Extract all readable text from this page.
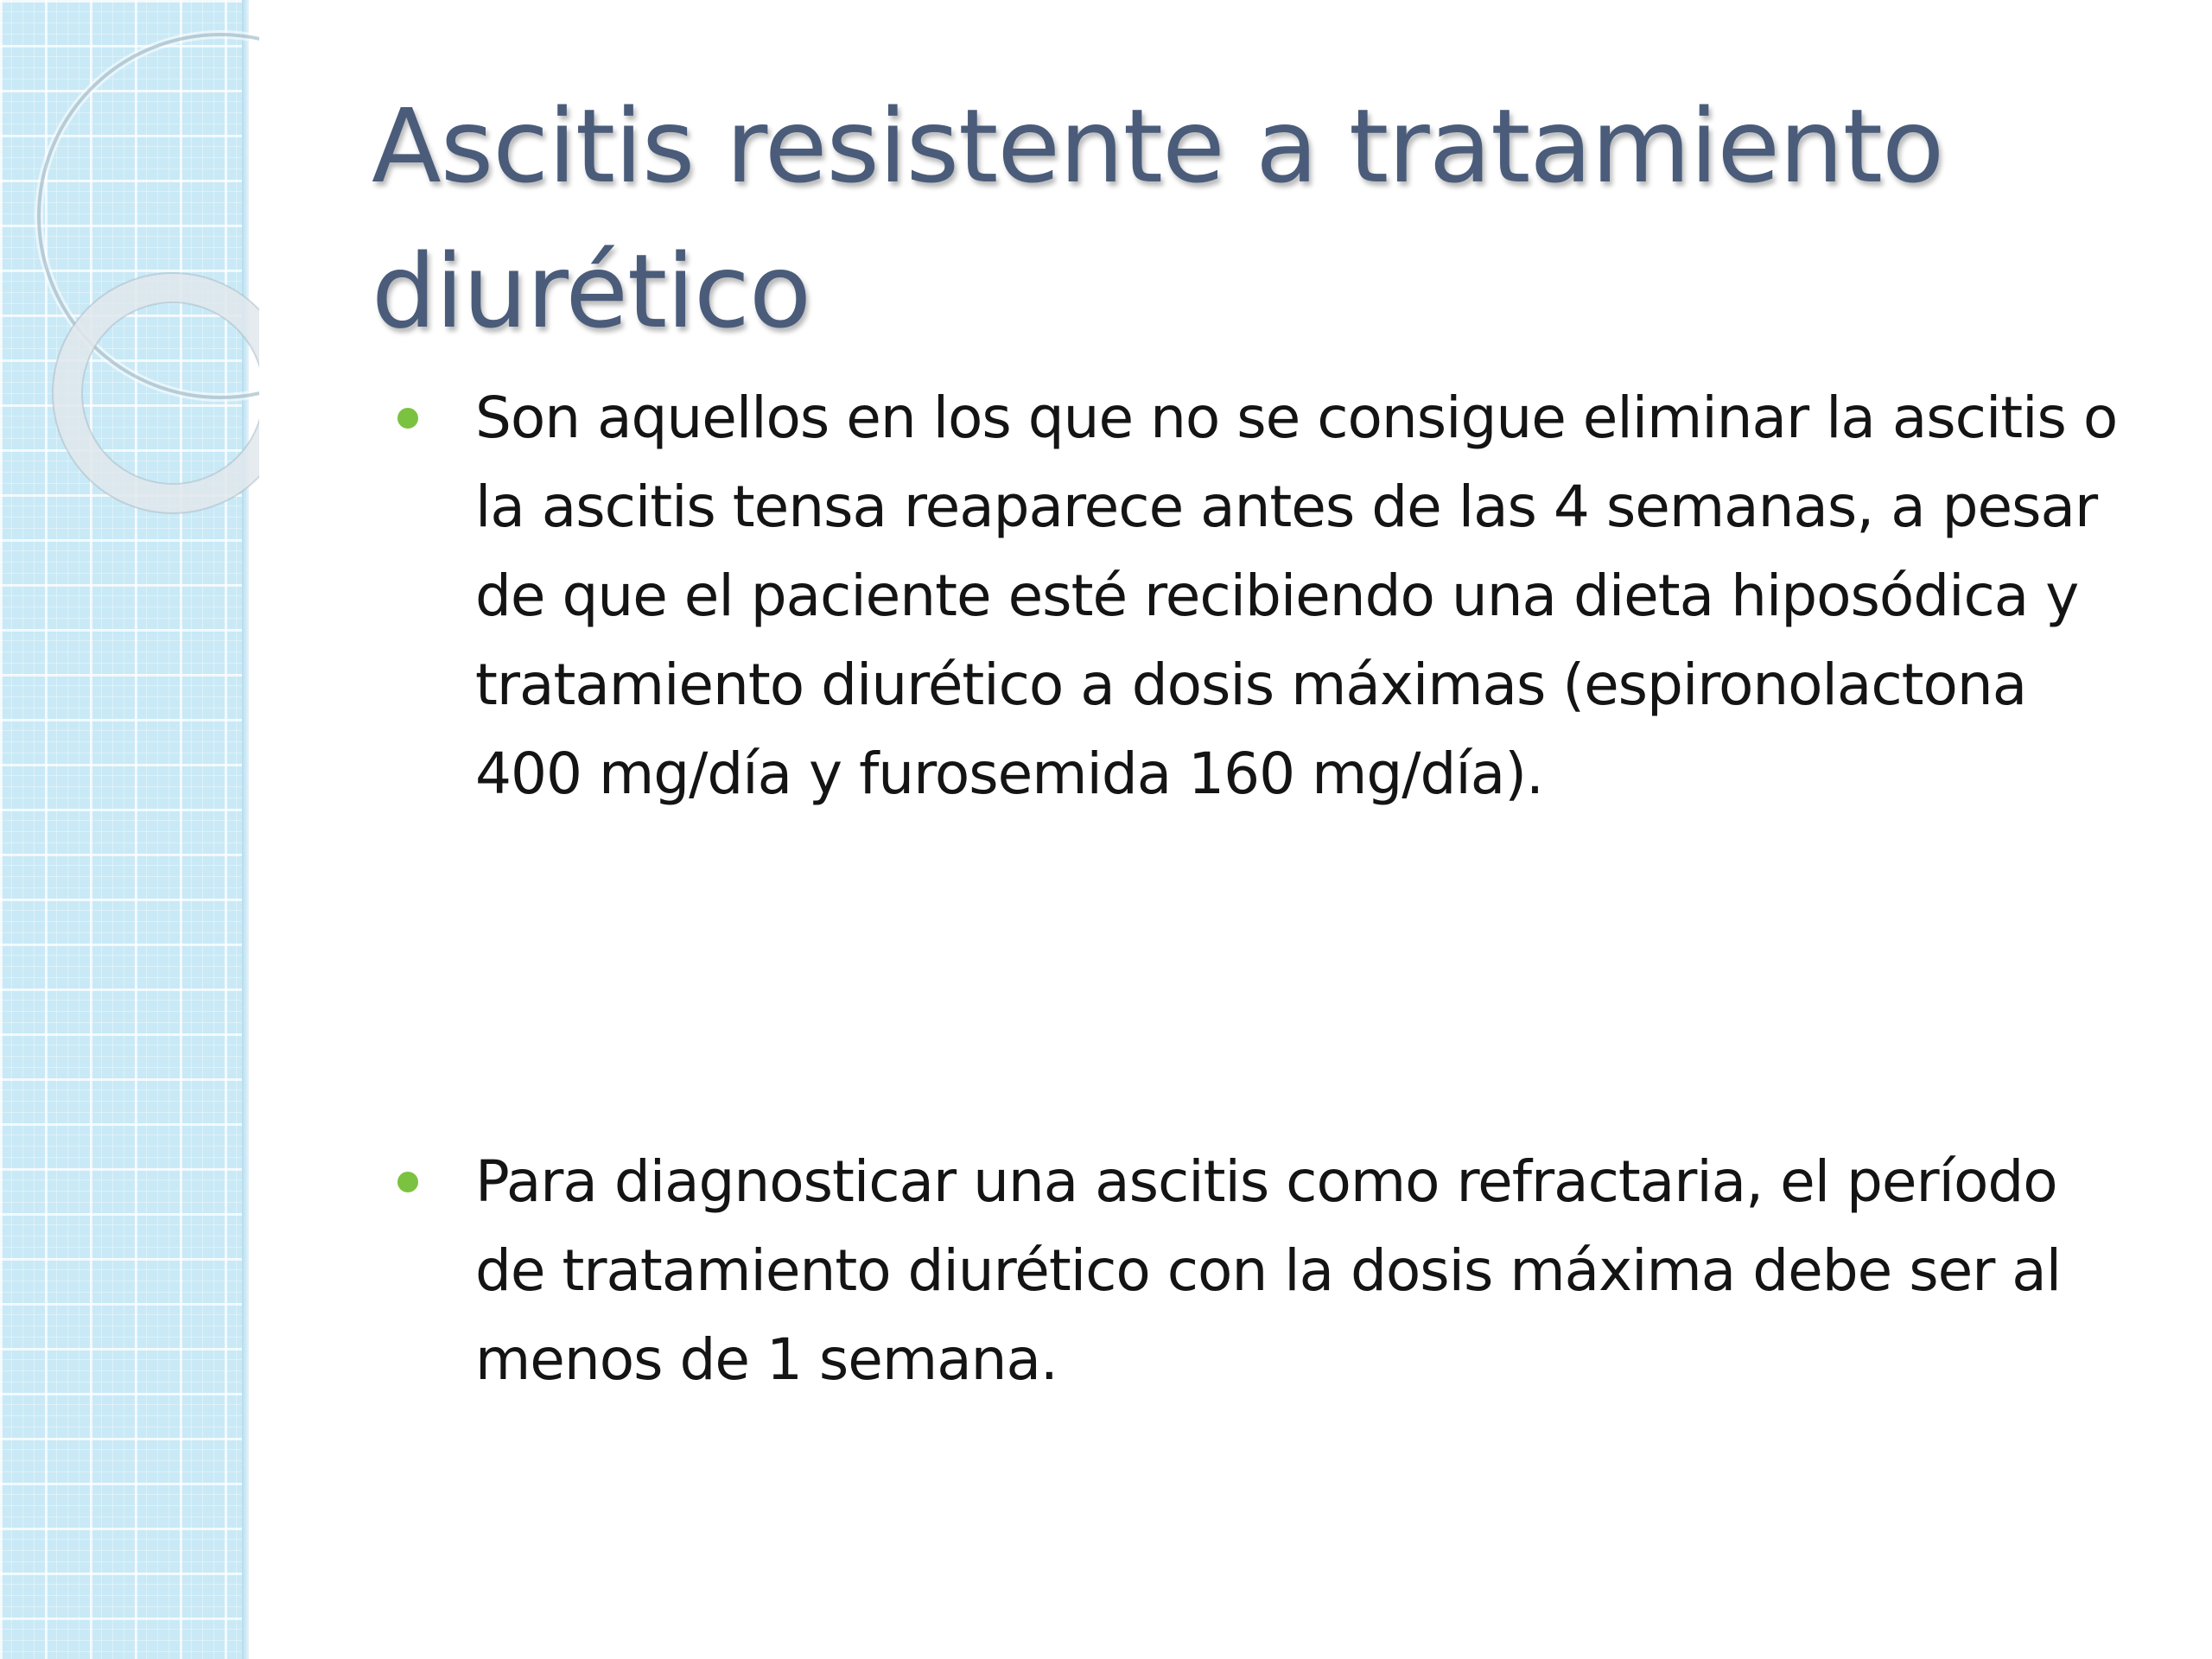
Ascitis resistente a tratamiento diurético
Son aquellos en los que no se consigue eliminar la ascitis o la ascitis tensa reaparece antes de las 4 semanas, a pesar de que el paciente esté recibiendo una dieta hiposódica y tratamiento diurético a dosis máximas (espironolactona 400 mg/día y furosemida 160 mg/día).
Para diagnosticar una ascitis como refractaria, el período de tratamiento diurético con la dosis máxima debe ser al menos de 1 semana.
